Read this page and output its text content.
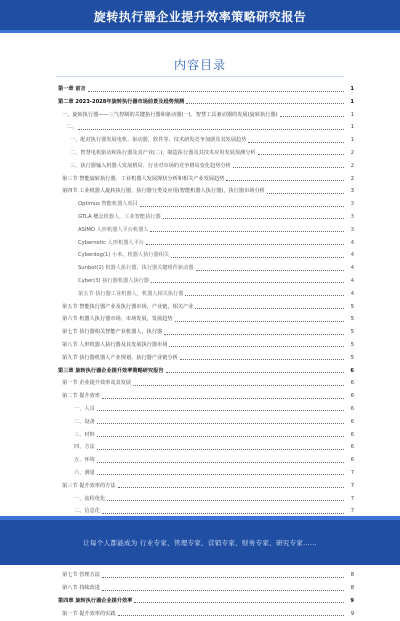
旋转执行器企业提升效率策略研究报告
内容目录
第一章 前言	1
第二章 2023-2028年旋转执行器市场前景及趋势预测	1
一、旋转执行器——三气控制的关键执行器和驱动器(一)、智慧工具驱动器的发展(旋转执行器)	1
二、	1
一、配对执行器发展电机、驱动器，软件等，技术研发竞争加剧及其发展趋势	1
二、智慧电机驱动和执行器及其产业(二)、制造执行器及其技术应用发展预测分析	2
三、执行器输入机器人发展格局、行业对市场的竞争格局变化趋势分析	2
第三节 智能旋转执行器、工业机器人发展现状分析和相关产业发展趋势	2
第四节 工业机器人旋转执行器，执行器分类及应用(智能机器人执行器)，执行器市场分析	3
Optimus 智能机器人项目	3
GTLA 概念机器人，工业智能执行器	3
ASIMO 人形机器人平台机器人	3
Cybernetic 人形机器人平台	4
Cyberdog(1) 小米，机器人执行器相关	4
Sunbot(2) 机器人执行器，执行器关键组件驱动器	4
Cyber(3) 执行器机器人执行器	4
第五节 执行器工业机器人，机器人相关执行器	4
第五节 智能执行器产业及执行器市场，产业链，相关产业	5
第六节 机器人执行器市场，市场发展，发展趋势	5
第七节 执行器相关智能产业机器人，执行器	5
第八节 人形机器人执行器及其发展执行器市场	5
第九节 执行器机器人产业规划，执行器产业链分析	5
第三章 旋转执行器企业提升效率策略研究报告	6
第一节 企业提升效率及其发展	6
第二节 提升效率	6
一、人员	6
二、设备	6
三、材料	6
四、方法	6
五、环境	6
六、测量	7
第三节 提升效率的方法	7
一、流程优化	7
二、信息化	7
第七节 管理方法	8
第八节 持续改进	8
第四章 旋转执行器企业提升效率	9
第一节 提升效率的实践	9
让每个人都能成为 行业专家、管理专家、营销专家、财务专家、研究专家……
